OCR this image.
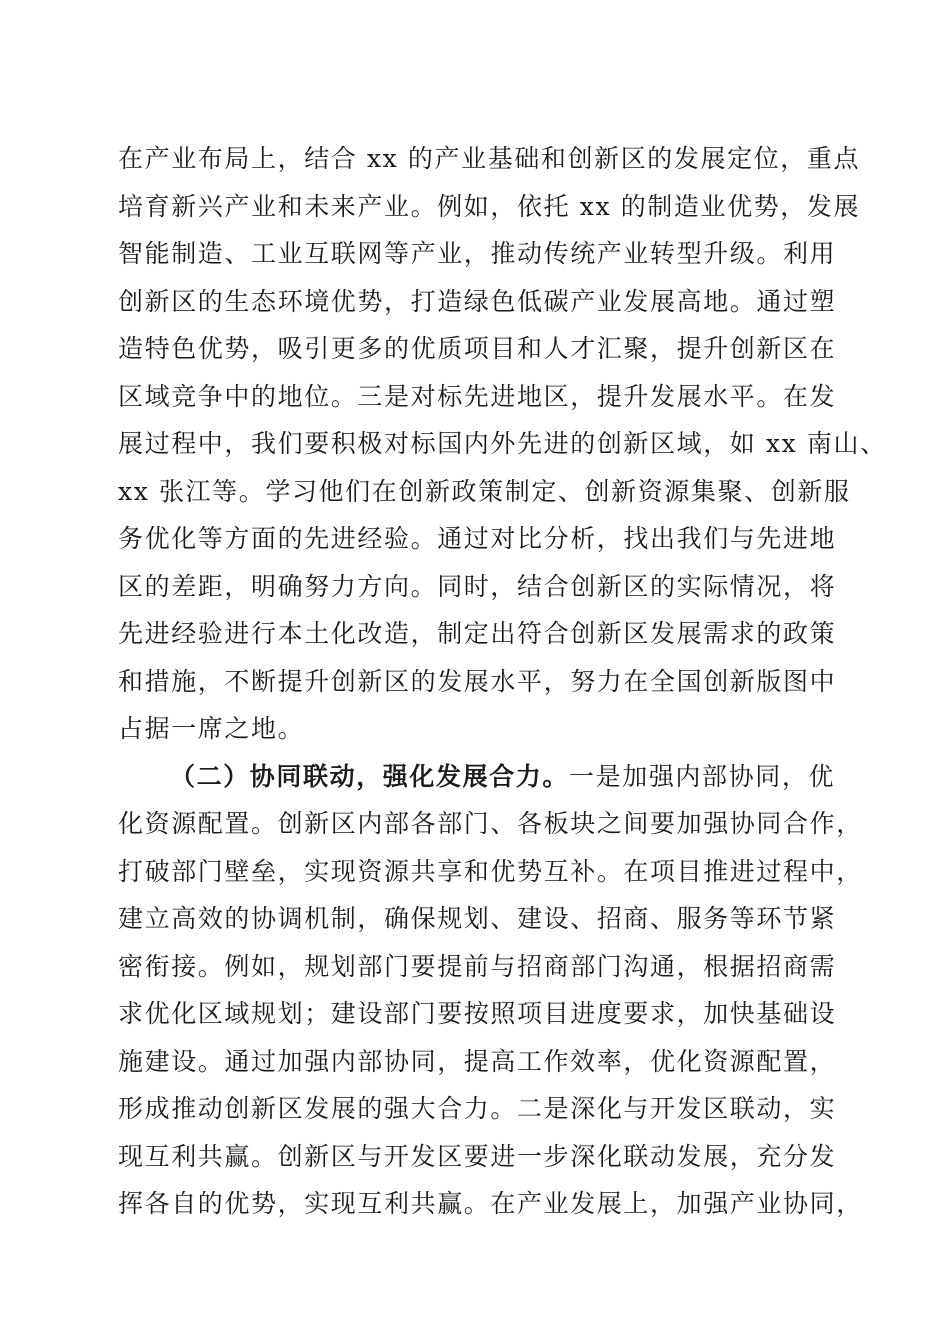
在产业布局上，结合 xx 的产业基础和创新区的发展定位，重点
培育新兴产业和未来产业。例如，依托 xx 的制造业优势，发展
智能制造、工业互联网等产业，推动传统产业转型升级。利用
创新区的生态环境优势，打造绿色低碳产业发展高地。通过塑
造特色优势，吸引更多的优质项目和人才汇聚，提升创新区在
区域竞争中的地位。三是对标先进地区，提升发展水平。在发
展过程中，我们要积极对标国内外先进的创新区域，如 xx 南山、
xx 张江等。学习他们在创新政策制定、创新资源集聚、创新服
务优化等方面的先进经验。通过对比分析，找出我们与先进地
区的差距，明确努力方向。同时，结合创新区的实际情况，将
先进经验进行本土化改造，制定出符合创新区发展需求的政策
和措施，不断提升创新区的发展水平，努力在全国创新版图中
占据一席之地。
（二）协同联动，强化发展合力。一是加强内部协同，优
化资源配置。创新区内部各部门、各板块之间要加强协同合作，
打破部门壁垒，实现资源共享和优势互补。在项目推进过程中，
建立高效的协调机制，确保规划、建设、招商、服务等环节紧
密衔接。例如，规划部门要提前与招商部门沟通，根据招商需
求优化区域规划；建设部门要按照项目进度要求，加快基础设
施建设。通过加强内部协同，提高工作效率，优化资源配置，
形成推动创新区发展的强大合力。二是深化与开发区联动，实
现互利共赢。创新区与开发区要进一步深化联动发展，充分发
挥各自的优势，实现互利共赢。在产业发展上，加强产业协同，
